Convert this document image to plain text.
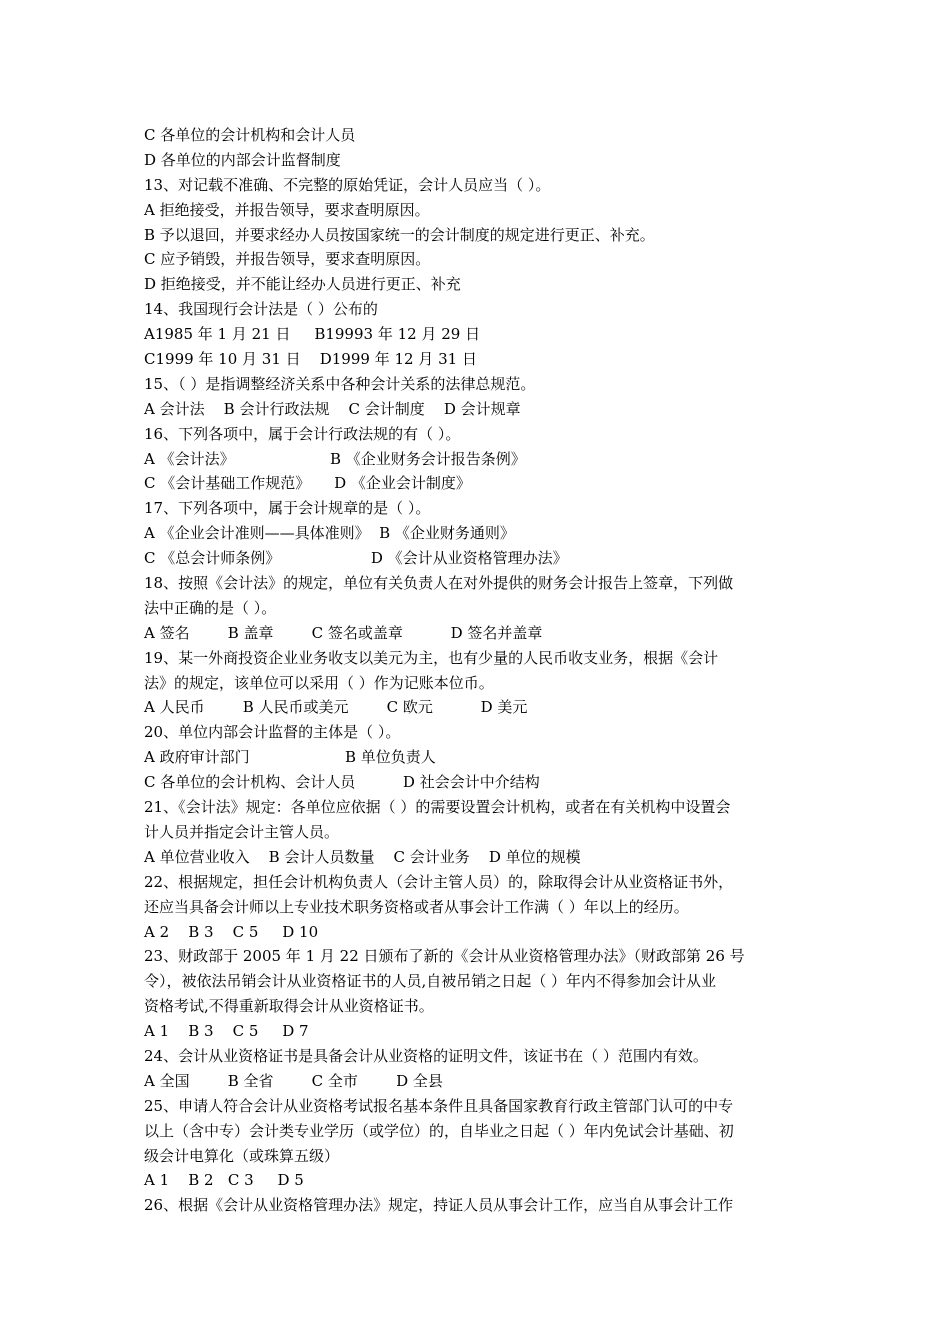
C 各单位的会计机构和会计人员
D 各单位的内部会计监督制度
13、对记载不准确、不完整的原始凭证，会计人员应当（ ）。
A 拒绝接受，并报告领导，要求查明原因。
B 予以退回，并要求经办人员按国家统一的会计制度的规定进行更正、补充。
C 应予销毁，并报告领导，要求查明原因。
D 拒绝接受，并不能让经办人员进行更正、补充
14、我国现行会计法是（ ）公布的
A1985 年 1 月 21 日     B19993 年 12 月 29 日
C1999 年 10 月 31 日    D1999 年 12 月 31 日
15、（ ）是指调整经济关系中各种会计关系的法律总规范。
A 会计法    B 会计行政法规    C 会计制度    D 会计规章
16、下列各项中，属于会计行政法规的有（ ）。
A 《会计法》                    B 《企业财务会计报告条例》
C 《会计基础工作规范》     D 《企业会计制度》
17、下列各项中，属于会计规章的是（ ）。
A 《企业会计准则——具体准则》  B 《企业财务通则》
C 《总会计师条例》                   D 《会计从业资格管理办法》
18、按照《会计法》的规定，单位有关负责人在对外提供的财务会计报告上签章，下列做
法中正确的是（ ）。
A 签名        B 盖章        C 签名或盖章          D 签名并盖章
19、某一外商投资企业业务收支以美元为主，也有少量的人民币收支业务，根据《会计
法》的规定，该单位可以采用（ ）作为记账本位币。
A 人民币        B 人民币或美元        C 欧元          D 美元
20、单位内部会计监督的主体是（ ）。
A 政府审计部门                    B 单位负责人
C 各单位的会计机构、会计人员          D 社会会计中介结构
21、《会计法》规定：各单位应依据（ ）的需要设置会计机构，或者在有关机构中设置会
计人员并指定会计主管人员。
A 单位营业收入    B 会计人员数量    C 会计业务    D 单位的规模
22、根据规定，担任会计机构负责人（会计主管人员）的，除取得会计从业资格证书外，
还应当具备会计师以上专业技术职务资格或者从事会计工作满（ ）年以上的经历。
A 2    B 3    C 5     D 10
23、财政部于 2005 年 1 月 22 日颁布了新的《会计从业资格管理办法》（财政部第 26 号
令），被依法吊销会计从业资格证书的人员,自被吊销之日起（ ）年内不得参加会计从业
资格考试,不得重新取得会计从业资格证书。
A 1    B 3    C 5     D 7
24、会计从业资格证书是具备会计从业资格的证明文件，该证书在（ ）范围内有效。
A 全国        B 全省        C 全市        D 全县
25、申请人符合会计从业资格考试报名基本条件且具备国家教育行政主管部门认可的中专
以上（含中专）会计类专业学历（或学位）的，自毕业之日起（ ）年内免试会计基础、初
级会计电算化（或珠算五级）
A 1    B 2   C 3     D 5
26、根据《会计从业资格管理办法》规定，持证人员从事会计工作，应当自从事会计工作
